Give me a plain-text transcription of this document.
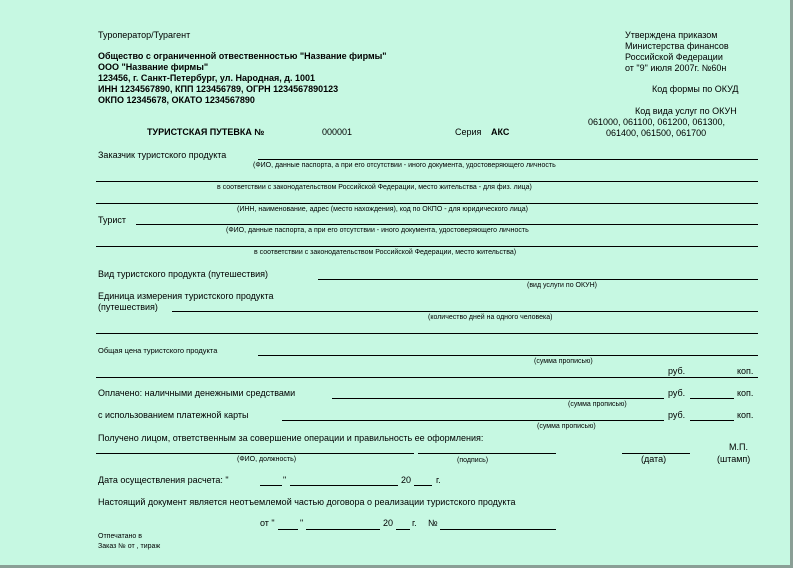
Туроператор/Турагент
Общество с ограниченной отвественностью "Название фирмы"
ООО "Название фирмы"
123456, г. Санкт-Петербург, ул. Народная, д. 1001
ИНН 1234567890, КПП 123456789, ОГРН 1234567890123
ОКПО 12345678, ОКАТО 1234567890
Утверждена приказом
Министерства финансов
Российской Федерации
от "9" июля 2007г. №60н
Код формы по ОКУД
Код вида услуг по ОКУН
061000, 061100, 061200, 061300,
061400, 061500, 061700
ТУРИСТСКАЯ ПУТЕВКА №	000001	Серия АКС
Заказчик туристского продукта
(ФИО, данные паспорта, а при его отсутствии - иного документа, удостоверяющего личность
в соответствии с законодательством Российской Федерации, место жительства - для физ. лица)
(ИНН, наименование, адрес (место нахождения), код по ОКПО - для юридического лица)
Турист
(ФИО, данные паспорта, а при его отсутствии - иного документа, удостоверяющего личность
в соответствии с законодательством Российской Федерации, место жительства)
Вид туристского продукта (путешествия)
(вид услуги по ОКУН)
Единица измерения туристского продукта
(путешествия)
(количество дней на одного человека)
Общая цена туристского продукта
(сумма прописью)
руб.	коп.
Оплачено: наличными денежными средствами	руб.	коп.
(сумма прописью)
с использованием платежной карты	руб.	коп.
(сумма прописью)
Получено лицом, ответственным за совершение операции и правильность ее оформления:
М.П.
(ФИО, должность)	(подпись)	(дата)	(штамп)
Дата осуществления расчета: "	"	20	г.
Настоящий документ является неотъемлемой частью договора о реализации туристского продукта
от "	"	20 г. №
Отпечатано в
Заказ № от , тираж
